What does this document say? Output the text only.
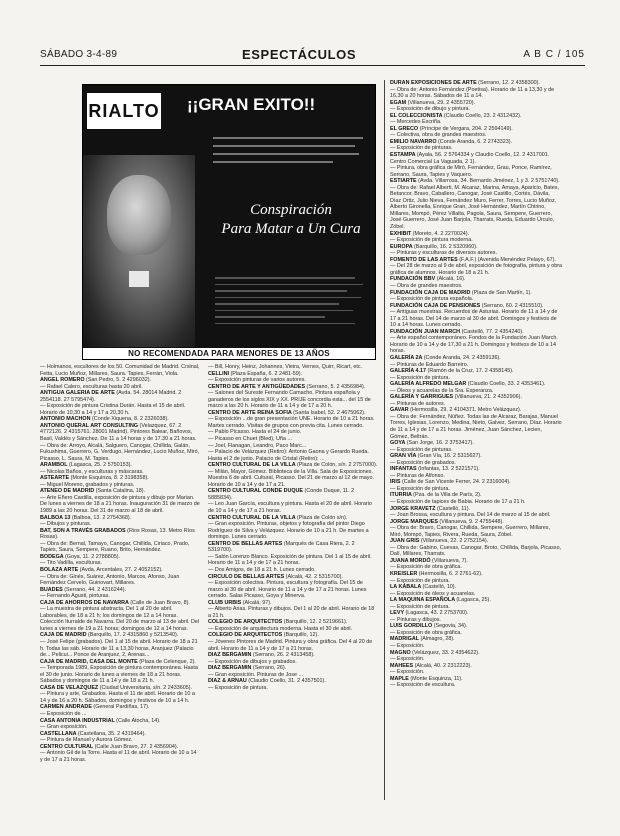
SÁBADO 3-4-89	ESPECTÁCULOS	A B C / 105
RIALTO ¡¡GRAN EXITO!!
Conspiración
Para Matar a Un Cura
NO RECOMENDADA PARA MENORES DE 13 AÑOS

— Holmanos, escultores de los 50. Comunidad de Madrid. Crsinal, Fetta, Lucio Muñoz, Millares, Saura. Tapies, Ferrán, Viola.

ANGEL ROMERO (San Pedro, 5. 2 4296032).

— Rafael Calero, esculturas hasta 20 abril.

ANTIGUA GALERIA DE ARTE (Avda. 54. 28014 Madrid. 2 2554118. 27 5795474).

— Exposición de pintura Cristina Durán. Hasta el 15 de abril. Horario de 10,30 a 14 y 17 a 20,30 h.

ANTONIO MACHON (Conde Xiquena, 8. 2 2326038).

ANTONIO QUERAL ART CONSULTING (Velazquez, 67. 2 4772126. 2 4315761. 28001 Madrid). Pintores Balear, Bañovos, Basil, Valdés y Sánchez. De 11 a 14 horas y de 17.30 a 21 horas.

— Obra de: Arroyo, Alcalá, Salguero, Canogar, Chillida, Galán, Fukushima, Guerrero, G. Verdugo, Hernández, Lucio Muñoz, Miró, Picasso, L. Saura, M. Tapies.

ARAMBOL (Lagasca, 25. 2 5750153).

— Nicolas Baños, y esculturas y máscaras.

ASTEARTE (Monte Esquinza, 8. 2 3198358).

— Miguel Moreno, grabados y pinturas.

ATENEO DE MADRID (Santa Catalina, 18).

— Arte Eñero Castilla, exposición de pintura y dibujo por Marian. De lunes a viernes de 18 a 21 horas. Inauguración 31 de marzo de 1989 a las 20 horas. Del 31 de marzo al 18 de abril.

BALBOA 13 (Balboa, 13. 2 2754368).

— Dibujos y pinturas.

BAT, SON A TRAVÉS GRABADOS (Rios Rosas, 13. Metro Ríos Rosas).

— Obra de: Bernal, Tamayo, Canogar, Chillida, Ciriaco, Prado, Tapies, Saura, Sempere, Ruano, Brito, Hernández.

BODEGA (Goya, 11. 2 2788805).

— Tito Vadilla, esculturas.

BOLAZA ARTE (Avda. Arcentales, 27. 2 4052152).

— Obra de: Ginés, Suárez, Antonio, Marcos, Afonso, Juan Fernández Cervelo, Guinovart, Millares.

BUADES (Serrano, 44. 2 4316244).

— Fernando Agusti, pinturas.

CAJA DE AHORROS DE NAVARRA (Calle de Juan Bravo, 8).

— La muestra de pintura abstracta. Del 1 al 20 de abril. Laborables, de 18 a 21 h; los domingos de 12 a 14 horas. Colección Iturralde de Navarra. Del 20 de marzo al 13 de abril. Del lunes a viernes de 19 a 21 horas; domingos de 12 a 14 horas.

CAJA DE MADRID (Barquillo, 17. 2 4315860 y 5213540).

— José Felipe (grabados). Del 1 al 15 de abril. Horario de 18 a 21 h. Todas las sáb. Horario de 11 a 13,30 horas. Aranjuez (Palacio de... Pelicui... Ponce de Aranjuez, 2, Arenas...

CAJA DE MADRID, CASA DEL MONTE (Plaza de Celenque, 2).

— Temporada 1989, Exposición de pintura contemporánea. Hasta el 30 de junio. Horario de lunes a viernes de 18 a 21 horas. Sábados y domingos de 11 a 14 y de 18 a 21 h.

CASA DE VELAZQUEZ (Ciudad Universitaria, s/n. 2 2433605).

— Pintura y arte, Grabados. Hasta el 11 de abril. Horario de 10 a 14 y de 16 a 20 h. Sábados, domingos y festivos de 10 a 14 h.

CARMEN ANDRADE (General Pardiñas, 17).

— Exposición de ...

CASA ANTONIA INDUSTRIAL (Calle Atocha, 14).

— Gran exposición.

CASTELLANA (Castellana, 35. 2 4319464).

— Pintura de Manuel y Aurora Gómez.

CENTRO CULTURAL (Calle Juan Bravo, 27. 2 4356904).

— Antonio Gil de la Torre. Hasta el 11 de abril. Horario de 10 a 14 y de 17 a 21 horas.

— Bill, Honry, Heinz, Johannes, Vieira, Vernes, Quirr, Ricart, etc.

CELLINI (Plaza España, 6. 2 2481-59).

— Exposición pinturas de varios autores.

CENTRO DE ARTE Y ANTIGÜEDADES (Serrano, 5. 2 4356984).

— Salones del Sureste Fernando Camacho. Pintura española y ganaderos de los siglos XIX y XX. PRIJE concordia esta... del 15 de marzo a las 20 h. Horario de 11 a 14 y de 17 a 20 h.

CENTRO DE ARTE REINA SOFIA (Santa Isabel, 52. 2 4675062).

— Exposición ...de gran presentación UNE. Horario de 10 a 21 horas. Martes cerrado. Visitas de grupos con previa cita. Lunes cerrado.

— Pablo Picasso. Hasta el 24 de junio.

— Picasso en Chuet (Bled), Uña ...

— Joel, Flanagan, Leandro, Paco Marc...

— Palacio de Velázquez (Retiro): Antonio Gaona y Gerardo Rueda. Hasta el 2 de junio. Palacio de Cristal (Retiro): ...

CENTRO CULTURAL DE LA VILLA (Plaza de Colón, s/n. 2 2757000).

— Milán, Mayor, Gómez. Biblioteca de la Villa. Sala de Exposiciones. Muestra 6 de abril. Cultural, Picasso. Del 21 de marzo al 12 de mayo. Horario de 10 a 14 y de 17 a 21.

CENTRO CULTURAL CONDE DUQUE (Conde Duque, 11. 2 5885834).

— Leo Juan García, escultura y pintura. Hasta el 20 de abril. Horario de 10 a 14 y de 17 a 21 horas.

CENTRO CULTURAL DE LA VILLA (Plaza de Colón s/n).

— Gran exposición. Pinturas, objetos y fotografía del pintor Diego Rodríguez de Silva y Velázquez. Horario de 10 a 21 h. De martes a domingo. Lunes cerrado.

CENTRO DE BELLAS ARTES (Marqués de Casa Riera, 2. 2 5319700).

— Salón Lorenzo Blanco. Exposición de pintura. Del 1 al 15 de abril. Horario de 11 a 14 y de 17 a 21 horas.

— Dos Amigos, de 18 a 21 h. Lunes cerrado.

CIRCULO DE BELLAS ARTES (Alcalá, 42. 2 5315700).

— Exposición colectiva. Pintura, escultura y fotografía. Del 15 de marzo al 30 de abril. Horario de 11 a 14 y de 17 a 21 horas. Lunes cerrado. Salas Picasso, Goya y Minerva.

CLUB URBIS (Alcalá, 97).

— Alberto Arias. Pinturas y dibujos. Del 1 al 20 de abril. Horario de 18 a 21 h.

COLEGIO DE ARQUITECTOS (Barquillo, 12. 2 5219661).

— Exposición de arquitectura moderna. Hasta el 30 de abril.

COLEGIO DE ARQUITECTOS (Barquillo, 12).

— Jóvenes Pintores de Madrid. Pintura y obra gráfica. Del 4 al 20 de abril. Horario de 11 a 14 y de 17 a 21 horas.

DIAZ BERGAMIN (Serrano, 26. 2 4313458).

— Exposición de dibujos y grabados.

DIAZ BERGAMIN (Serrano, 26).

— Gran exposición. Pinturas de Jose ...

DIAZ & ARNAU (Claudio Coello, 31. 2 4357501).

— Exposición de pintura.

DURÁN EXPOSICIONES DE ARTE (Serrano, 12. 2 4358300).

— Obra de: Antonio Fernández (Poetisa). Horario de 11 a 13,30 y de 16,30 a 20 horas. Sábados de 11 a 14.

EGAM (Villanueva, 29. 2 4355720).

— Exposición de dibujo y pintura.

EL COLECCIONISTA (Claudio Coello, 23. 2 4312432).

— Mercedes Escriña.

EL GRECO (Príncipe de Vergara, 204. 2 2594149).

— Colectiva, obra de grandes maestros.

EMILIO NAVARRO (Conde Aranda, 6. 2 2743323).

— Exposición de pinturas.

ESTAMPA (Ayala, 56. 2 5764334 y Claudio Coello, 12. 2 4317001. Centro Comercial La Vaguada, 2 1).

— Pintura, obra gráfica de Miró, Fernández, Grau, Ponce, Ramírez, Serrano, Saura, Tapies y Vaquero.

ESTIARTE (Avda. Villarrosa, 34. Bernardo Jiménez, 1 y 3. 2 5751740).

— Obra de: Rafael Alberti, M. Alcaraz, Marina, Amaya, Aparicio, Bates, Betancor, Bravo, Caballero, Canogar, José Castillo, Cortés, Dávila, Díaz Ortiz, Julio Nieva, Fernández Muro, Ferrer, Torres, Lucio Muñoz, Alberto Gironella, Enrique Gran, José Hernández, Martín Chirino, Millares, Mompó, Pérez Villalta, Pagola, Saura, Sempere, Guerrero, José Guerrero, José Juan Barjola, Tharrats, Rueda, Eduardo Úrculo, Zóbel.

EXHIBIT (Moreto, 4. 2 2270024).

— Exposición de pintura moderna.

EUROPA (Barquillo, 16. 2 5320960).

— Pinturas y esculturas de diversos autores.

FOMENTO DE LAS ARTES (F.A.F.) (Avenida Menéndez Pelayo, 67).

— Del 28 de marzo al 9 de abril, exposición de fotografía, pintura y obra gráfica de alumnos. Horario de 18 a 21 h.

FUNDACIÓN BBV (Alcalá, 16).

— Obra de grandes maestros.

FUNDACIÓN CAJA DE MADRID (Plaza de San Martín, 1).

— Exposición de pintura española.

FUNDACIÓN CAJA DE PENSIONES (Serrano, 60. 2 4315510).

— Antiguas muestras. Recuerdos de Asturias. Horario de 11 a 14 y de 17 a 21 horas. Del 14 de marzo al 30 de abril. Domingos y festivos de 10 a 14 horas. Lunes cerrado.

FUNDACIÓN JUAN MARCH (Castelló, 77. 2 4354240).

— Arte español contemporáneo. Fondos de la Fundación Juan March. Horario de 10 a 14 y de 17,30 a 21 h. Domingos y festivos de 10 a 14 horas.

GALERÍA 2A (Conde Aranda, 24. 2 4359136).

— Pinturas de Eduardo Barreiro.

GALERÍA 4.17 (Ramón de la Cruz, 17. 2 4358145).

— Exposición de pintura.

GALERÍA ALFREDO MELGAR (Claudio Coello, 33. 2 4353461).

— Óleos y acuarelas de la Sra. Esperanza.

GALERÍA Y GARRIGUES (Villanueva, 21. 2 4352906).

— Pinturas de autores.

GAVAR (Hermosilla, 29. 2 4104371. Metro Velázquez).

— Obra de: Fernández, Núñez. Todas las de Alcaraz, Barajas, Manuel Torres, Iglesias, Lorenzo, Medina, Nieto, Galvez, Serrano, Díaz. Horario de 11 a 14 y de 17 a 21 horas. Jiménez, Juan Sánchez, Lecien, Gómez, Beltrán.

GOYA (San Jorge, 16. 2 3753417).

— Exposición de pinturas.

GRAN VÍA (Gran Vía, 16. 2 5315627).

— Exposición de grabados.

INFANTAS (Infantas, 13. 2 5221571).

— Pinturas de Alfonso.

IRIS (Calle de San Vicente Ferrer, 24. 2 2316004).

— Exposición de pintura.

ITURRIA (Pza. de la Villa de París, 2).

— Exposición de tapices de Babia. Horario de 17 a 21 h.

JORGE KRAVETZ (Castelló, 11).

— Joan Brossa, escultura y pintura. Del 14 de marzo al 15 de abril.

JORGE MARQUES (Villanueva, 9. 2 4755448).

— Obra de: Bravo, Canogar, Chillida, Sempere, Guerrero, Millares, Miró, Mompó, Tapies, Rivera, Rueda, Saura, Zóbel.

JUAN GRIS (Villanueva, 22. 2 2752154).

— Obra de: Gabino, Cuevas, Canogar, Broto, Chillida, Barjola, Picasso, Dalí, Millares, Tharrats.

JUANA MORDÓ (Villanueva, 7).

— Exposición de obra gráfica.

KREISLER (Hermosilla, 6. 2 2761-62).

— Exposición de pintura.

LA KÁBALA (Castelló, 10).

— Exposición de óleos y acuarelas.

LA MAQUINA ESPAÑOLA (Lagasca, 25).

— Exposición de pintura.

LEVY (Lagasca, 43. 2 2753700).

— Pinturas y dibujos.

LUIS GORDILLO (Segovia, 34).

— Exposición de obra gráfica.

MADRIGAL (Almagro, 28).

— Exposición.

MAGNO (Velázquez, 33. 2 4354622).

— Exposición.

MAHEES (Alcalá, 40. 2 2312223).

— Exposición.

MAPLE (Monte Esquinza, 11).

— Exposición de escultura.
